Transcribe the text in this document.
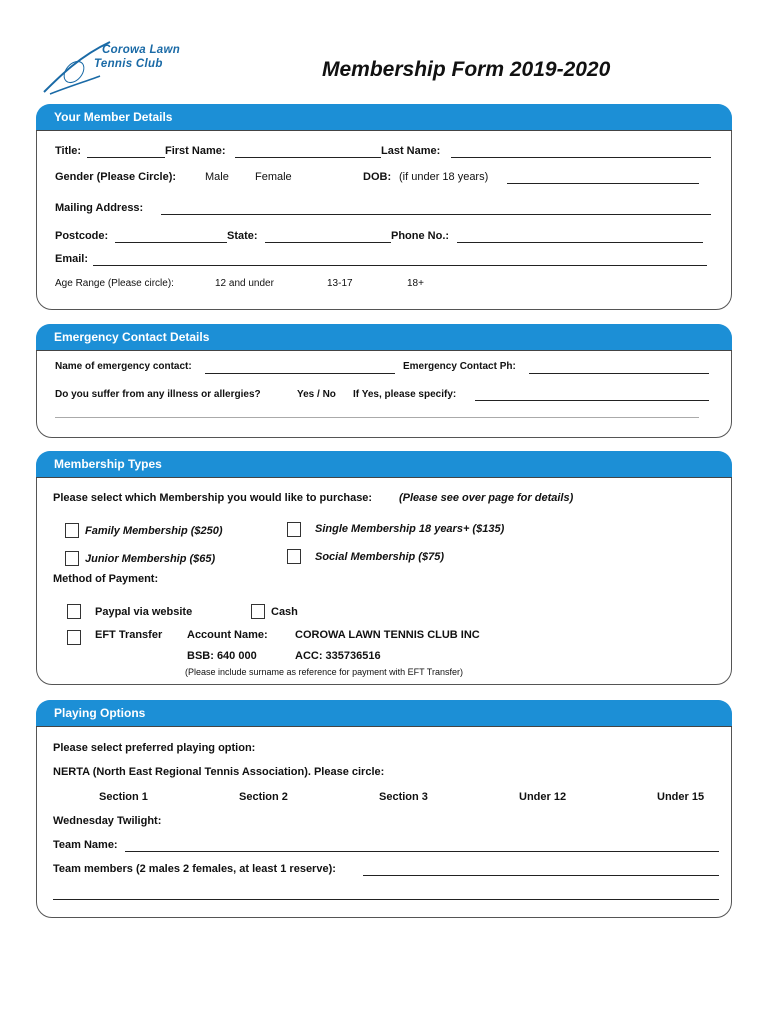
Corowa Lawn
Tennis Club	Membership Form 2019-2020
Your Member Details
Title:	First Name:	Last Name:
Gender (Please Circle):	Male Female	DOB: (if under 18 years)
Mailing Address:
Postcode:	State:	Phone No.:
Email:
Age Range (Please circle):	12 and under	13-17	18+
Emergency Contact Details
Name of emergency contact:	Emergency Contact Ph:
Do you suffer from any illness or allergies?	Yes / No If Yes, please specify:
Membership Types
Please select which Membership you would like to purchase: (Please see over page for details)
Family Membership ($250)	Single Membership 18 years+ ($135)
Junior Membership ($65)	Social Membership ($75)
Method of Payment:
Paypal via website	Cash
EFT Transfer Account Name: COROWA LAWN TENNIS CLUB INC
BSB: 640 000	ACC: 335736516
(Please include surname as reference for payment with EFT Transfer)
Playing Options
Please select preferred playing option:
NERTA (North East Regional Tennis Association). Please circle:
Section 1	Section 2	Section 3	Under 12	Under 15
Wednesday Twilight:
Team Name:
Team members (2 males 2 females, at least 1 reserve):
